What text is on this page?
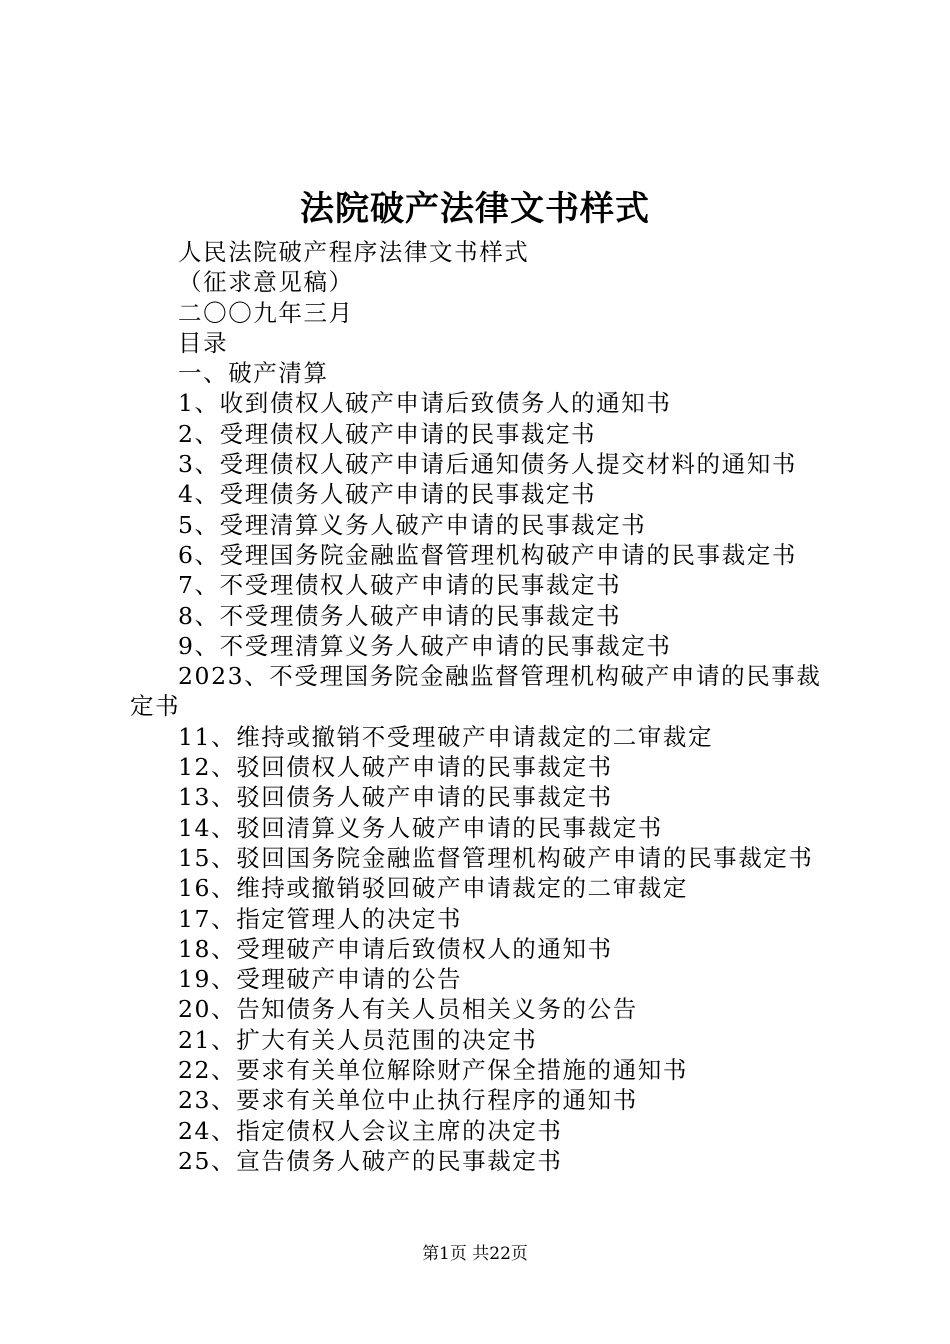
法院破产法律文书样式
人民法院破产程序法律文书样式
（征求意见稿）
二〇〇九年三月
目录
一、破产清算
1、收到债权人破产申请后致债务人的通知书
2、受理债权人破产申请的民事裁定书
3、受理债权人破产申请后通知债务人提交材料的通知书
4、受理债务人破产申请的民事裁定书
5、受理清算义务人破产申请的民事裁定书
6、受理国务院金融监督管理机构破产申请的民事裁定书
7、不受理债权人破产申请的民事裁定书
8、不受理债务人破产申请的民事裁定书
9、不受理清算义务人破产申请的民事裁定书
2023、不受理国务院金融监督管理机构破产申请的民事裁定书
11、维持或撤销不受理破产申请裁定的二审裁定
12、驳回债权人破产申请的民事裁定书
13、驳回债务人破产申请的民事裁定书
14、驳回清算义务人破产申请的民事裁定书
15、驳回国务院金融监督管理机构破产申请的民事裁定书
16、维持或撤销驳回破产申请裁定的二审裁定
17、指定管理人的决定书
18、受理破产申请后致债权人的通知书
19、受理破产申请的公告
20、告知债务人有关人员相关义务的公告
21、扩大有关人员范围的决定书
22、要求有关单位解除财产保全措施的通知书
23、要求有关单位中止执行程序的通知书
24、指定债权人会议主席的决定书
25、宣告债务人破产的民事裁定书
第1页 共22页
